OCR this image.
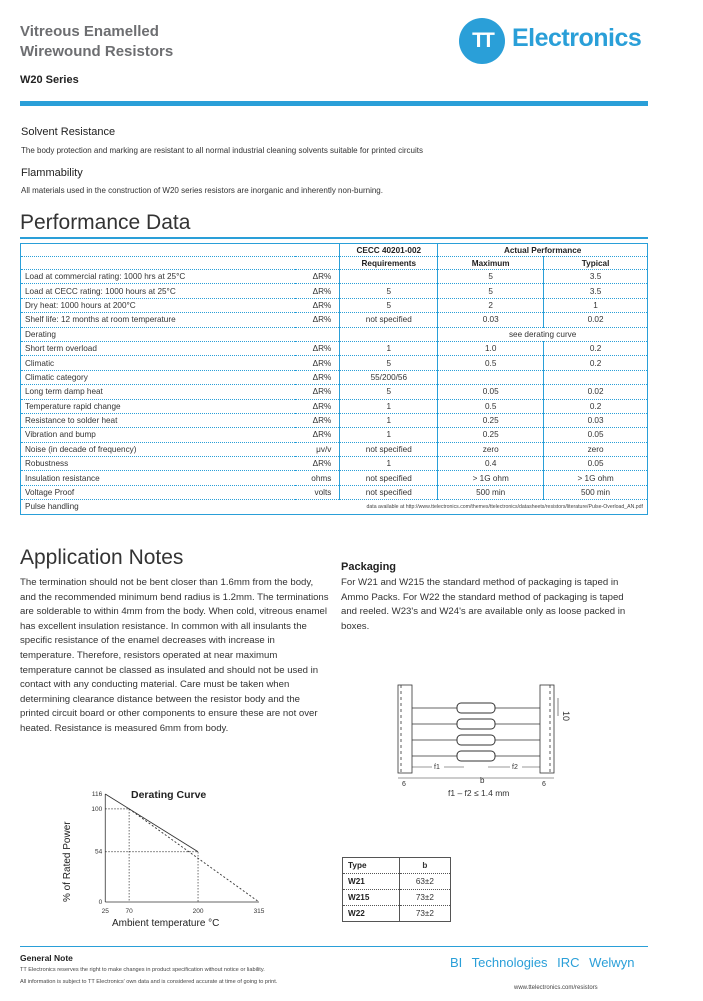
Vitreous Enamelled
Wirewound Resistors
W20 Series
TT Electronics
Solvent Resistance
The body protection and marking are resistant to all normal industrial cleaning solvents suitable for printed circuits
Flammability
All materials used in the construction of W20 series resistors are inorganic and inherently non-burning.
Performance Data
		CECC 40201-002	Actual Performance	
		Requirements	Maximum	Typical
Load at commercial rating: 1000 hrs at 25°C	ΔR%		5	3.5
Load at CECC rating: 1000 hours at 25°C	ΔR%	5	5	3.5
Dry heat: 1000 hours at 200°C	ΔR%	5	2	1
Shelf life: 12 months at room temperature	ΔR%	not specified	0.03	0.02
Derating			see derating curve	
Short term overload	ΔR%	1	1.0	0.2
Climatic	ΔR%	5	0.5	0.2
Climatic category	ΔR%	55/200/56		
Long term damp heat	ΔR%	5	0.05	0.02
Temperature rapid change	ΔR%	1	0.5	0.2
Resistance to solder heat	ΔR%	1	0.25	0.03
Vibration and bump	ΔR%	1	0.25	0.05
Noise (in decade of frequency)	μv/v	not specified	zero	zero
Robustness	ΔR%	1	0.4	0.05
Insulation resistance	ohms	not specified	> 1G ohm	> 1G ohm
Voltage Proof	volts	not specified	500 min	500 min
Pulse handling	data available at http://www.ttelectronics.com/themes/ttelectronics/datasheets/resistors/literature/Pulse-Overload_AN.pdf			
Application Notes
The termination should not be bent closer than 1.6mm from the body, and the recommended minimum bend radius is 1.2mm. The terminations are solderable to within 4mm from the body. When cold, vitreous enamel has excellent insulation resistance. In common with all insulants the specific resistance of the enamel decreases with increase in temperature. Therefore, resistors operated at near maximum temperature cannot be classed as insulated and should not be used in contact with any conducting material. Care must be taken when determining clearance distance between the resistor body and the printed circuit board or other components to ensure these are not over heated. Resistance is measured 6mm from body.
Packaging
For W21 and W215 the standard method of packaging is taped in Ammo Packs. For W22 the standard method of packaging is taped and reeled. W23's and W24's are available only as loose packed in boxes.
10
f1	f2
6	b	6
f1 – f2 ≤ 1.4 mm
Derating Curve
% of Rated Power
Ambient temperature °C
25	70	200	315
0
54
100
116
Type	b
W21	63±2
W215	73±2
W22	73±2
General Note
TT Electronics reserves the right to make changes in product specification without notice or liability.
All information is subject to TT Electronics' own data and is considered accurate at time of going to print.
BI Technologies IRC Welwyn
www.ttelectronics.com/resistors
